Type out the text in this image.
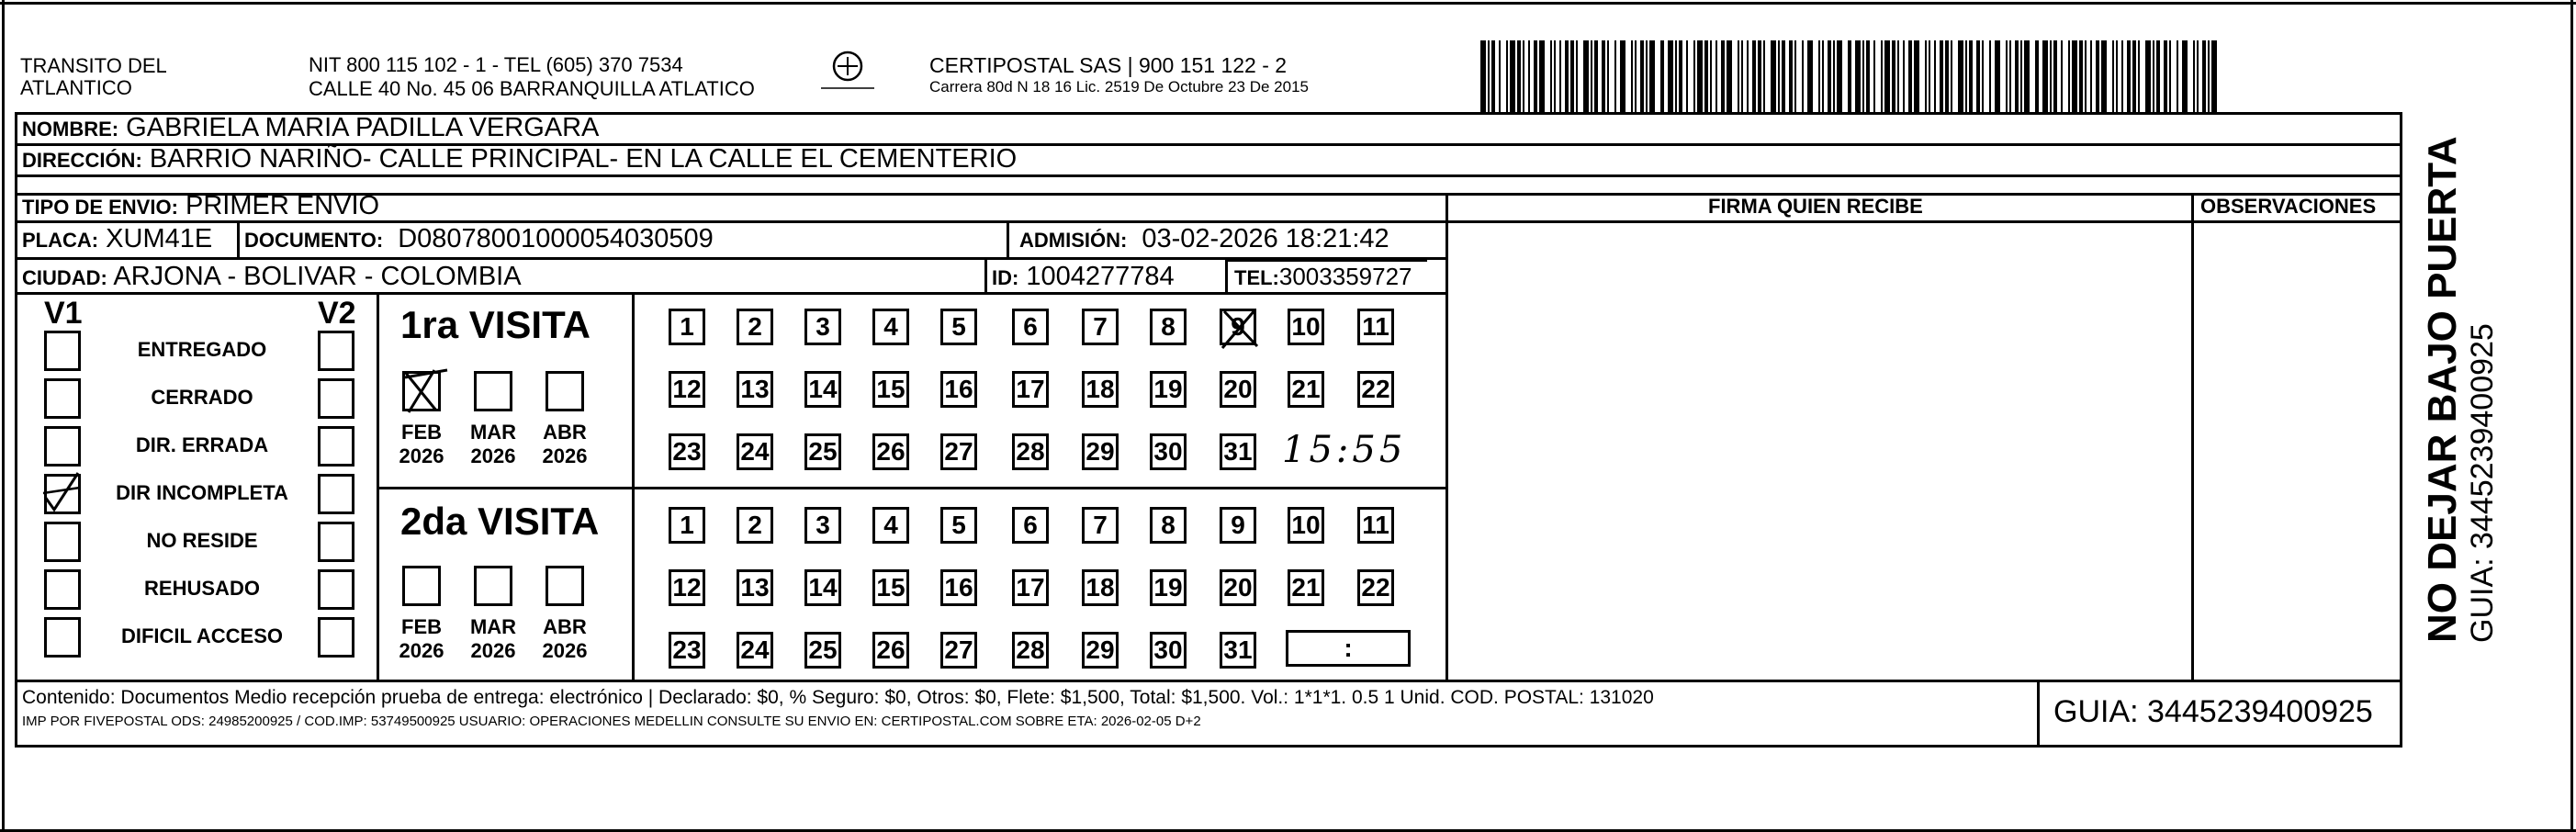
TRANSITO DEL
ATLANTICO
NIT 800 115 102 - 1 - TEL (605) 370 7534
CALLE 40 No. 45 06 BARRANQUILLA ATLATICO
CERTIPOSTAL SAS | 900 151 122 - 2
Carrera 80d N 18 16 Lic. 2519 De Octubre 23 De 2015
NOMBRE: GABRIELA MARIA PADILLA VERGARA
DIRECCIÓN: BARRIO NARIÑO- CALLE PRINCIPAL- EN LA CALLE EL CEMENTERIO
TIPO DE ENVIO: PRIMER ENVIO	FIRMA QUIEN RECIBE	OBSERVACIONES
PLACA: XUM41E DOCUMENTO: D08078001000054030509	ADMISIÓN: 03-02-2026 18:21:42
CIUDAD: ARJONA - BOLIVAR - COLOMBIA	ID: 1004277784	TEL:3003359727
V1	V2 1ra VISITA
15:55
2da VISITA
:
Contenido: Documentos Medio recepción prueba de entrega: electrónico | Declarado: $0, % Seguro: $0, Otros: $0, Flete: $1,500, Total: $1,500. Vol.: 1*1*1. 0.5 1 Unid. COD. POSTAL: 131020
IMP POR FIVEPOSTAL ODS: 24985200925 / COD.IMP: 53749500925 USUARIO: OPERACIONES MEDELLIN CONSULTE SU ENVIO EN: CERTIPOSTAL.COM SOBRE ETA: 2026-02-05 D+2	GUIA: 3445239400925
NO DEJAR BAJO PUERTA GUIA: 3445239400925
ENTREGADO
CERRADO
DIR. ERRADA
DIR INCOMPLETA
NO RESIDE
REHUSADO
DIFICIL ACCESO
FEB
2026
MAR
2026
ABR
2026
FEB
2026
MAR
2026
ABR
2026
1	2	3	4	5	6	7	8	9 10 11
12 13 14 15 16 17 18 19 20 21 22
23 24 25 26 27 28 29 30 31
1	2	3	4	5	6	7	8	9	10 11
12 13 14 15 16 17 18 19 20 21 22
23 24 25 26 27 28 29 30 31
